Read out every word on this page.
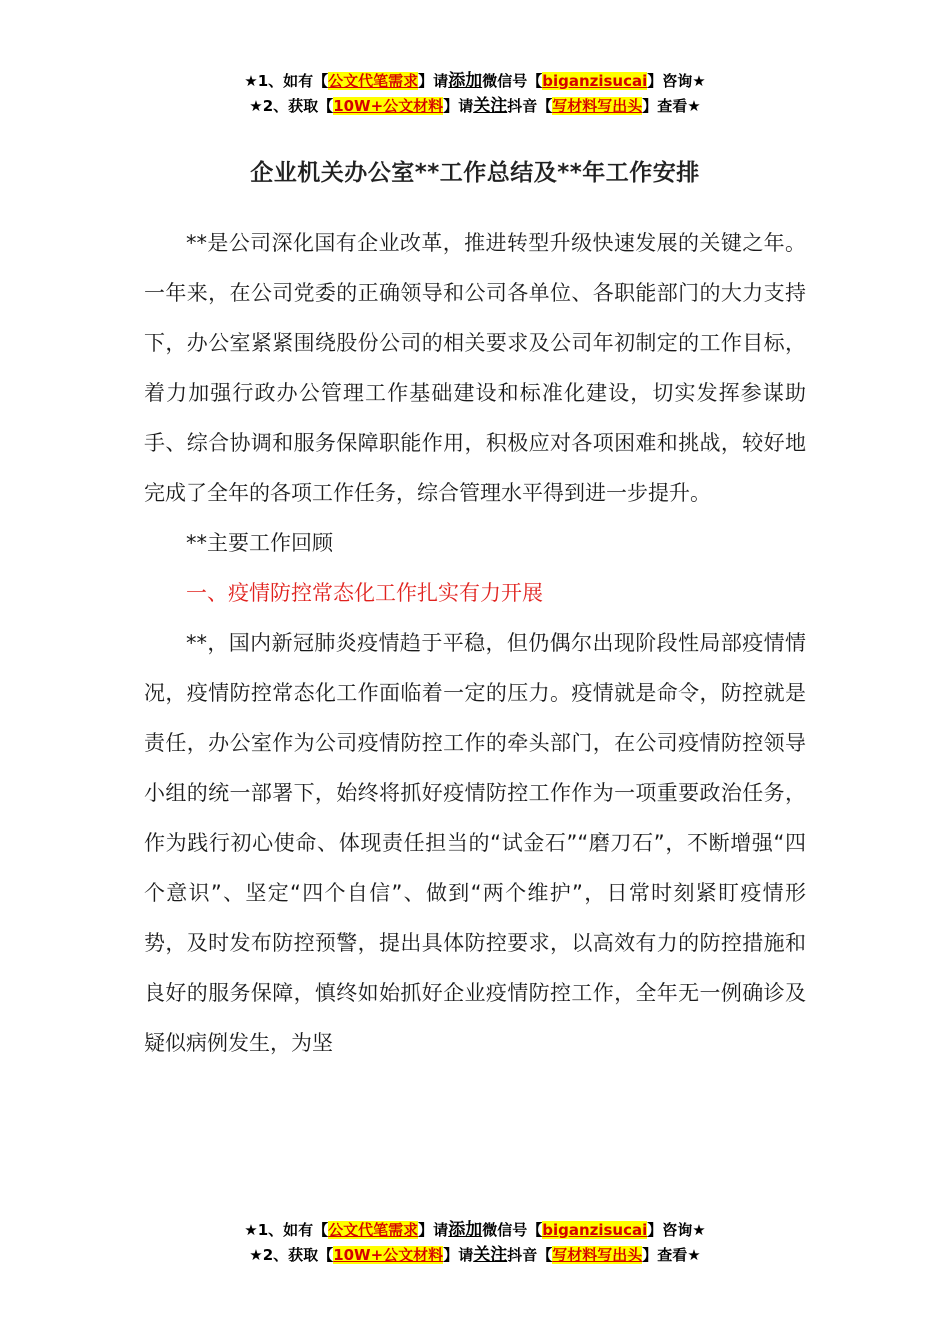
★1、如有【公文代笔需求】请添加微信号【biganzisucai】咨询★
★2、获取【10W+公文材料】请关注抖音【写材料写出头】查看★
企业机关办公室**工作总结及**年工作安排

**是公司深化国有企业改革，推进转型升级快速发展的关键之年。一年来，在公司党委的正确领导和公司各单位、各职能部门的大力支持下，办公室紧紧围绕股份公司的相关要求及公司年初制定的工作目标，着力加强行政办公管理工作基础建设和标准化建设，切实发挥参谋助手、综合协调和服务保障职能作用，积极应对各项困难和挑战，较好地完成了全年的各项工作任务，综合管理水平得到进一步提升。

**主要工作回顾

一、疫情防控常态化工作扎实有力开展

**，国内新冠肺炎疫情趋于平稳，但仍偶尔出现阶段性局部疫情情况，疫情防控常态化工作面临着一定的压力。疫情就是命令，防控就是责任，办公室作为公司疫情防控工作的牵头部门，在公司疫情防控领导小组的统一部署下，始终将抓好疫情防控工作作为一项重要政治任务，作为践行初心使命、体现责任担当的“试金石”“磨刀石”，不断增强“四个意识”、坚定“四个自信”、做到“两个维护”，日常时刻紧盯疫情形势，及时发布防控预警，提出具体防控要求，以高效有力的防控措施和良好的服务保障，慎终如始抓好企业疫情防控工作，全年无一例确诊及疑似病例发生，为坚

★1、如有【公文代笔需求】请添加微信号【biganzisucai】咨询★
★2、获取【10W+公文材料】请关注抖音【写材料写出头】查看★
